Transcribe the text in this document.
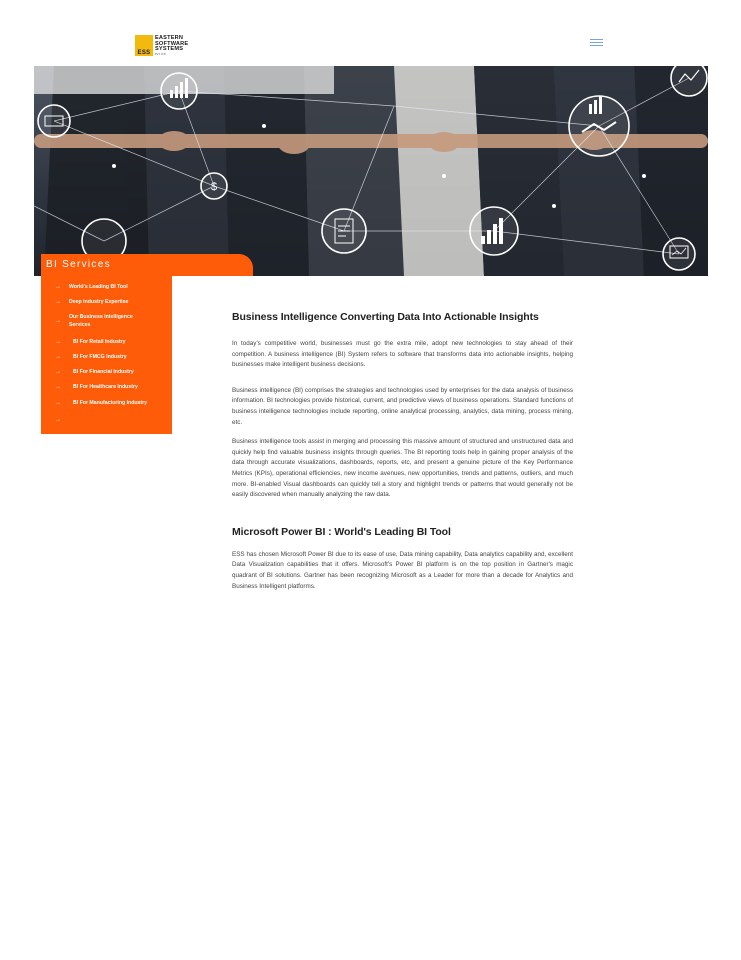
ESS
EASTERN
SOFTWARE
SYSTEMS
PVT. LTD.
$
BI Services
→ World's Leading BI Tool
→ Deep Industry Expertise
→
Our Business Intelligence
Services
→ BI For Retail Industry
→ BI For FMCG Industry
→ BI For Financial Industry
→ BI For Healthcare Industry
→ BI For Manufacturing Industry
→
Business Intelligence Converting Data Into Actionable Insights

In today's competitive world, businesses must go the extra mile, adopt new technologies to stay ahead of their competition. A business intelligence (BI) System refers to software that transforms data into actionable insights, helping businesses make intelligent business decisions.

Business intelligence (BI) comprises the strategies and technologies used by enterprises for the data analysis of business information. BI technologies provide historical, current, and predictive views of business operations. Standard functions of business intelligence technologies include reporting, online analytical processing, analytics, data mining, process mining, etc.

Business intelligence tools assist in merging and processing this massive amount of structured and unstructured data and quickly help find valuable business insights through queries. The BI reporting tools help in gaining proper analysis of the data through accurate visualizations, dashboards, reports, etc, and present a genuine picture of the Key Performance Metrics (KPIs), operational efficiencies, new income avenues, new opportunities, trends and patterns, outliers, and much more. BI-enabled Visual dashboards can quickly tell a story and highlight trends or patterns that would generally not be easily discovered when manually analyzing the raw data.

Microsoft Power BI : World's Leading BI Tool

ESS has chosen Microsoft Power BI due to its ease of use, Data mining capability, Data analytics capability and, excellent Data Visualization capabilities that it offers. Microsoft's Power BI platform is on the top position in Gartner's magic quadrant of BI solutions. Gartner has been recognizing Microsoft as a Leader for more than a decade for Analytics and Business Intelligent platforms.
